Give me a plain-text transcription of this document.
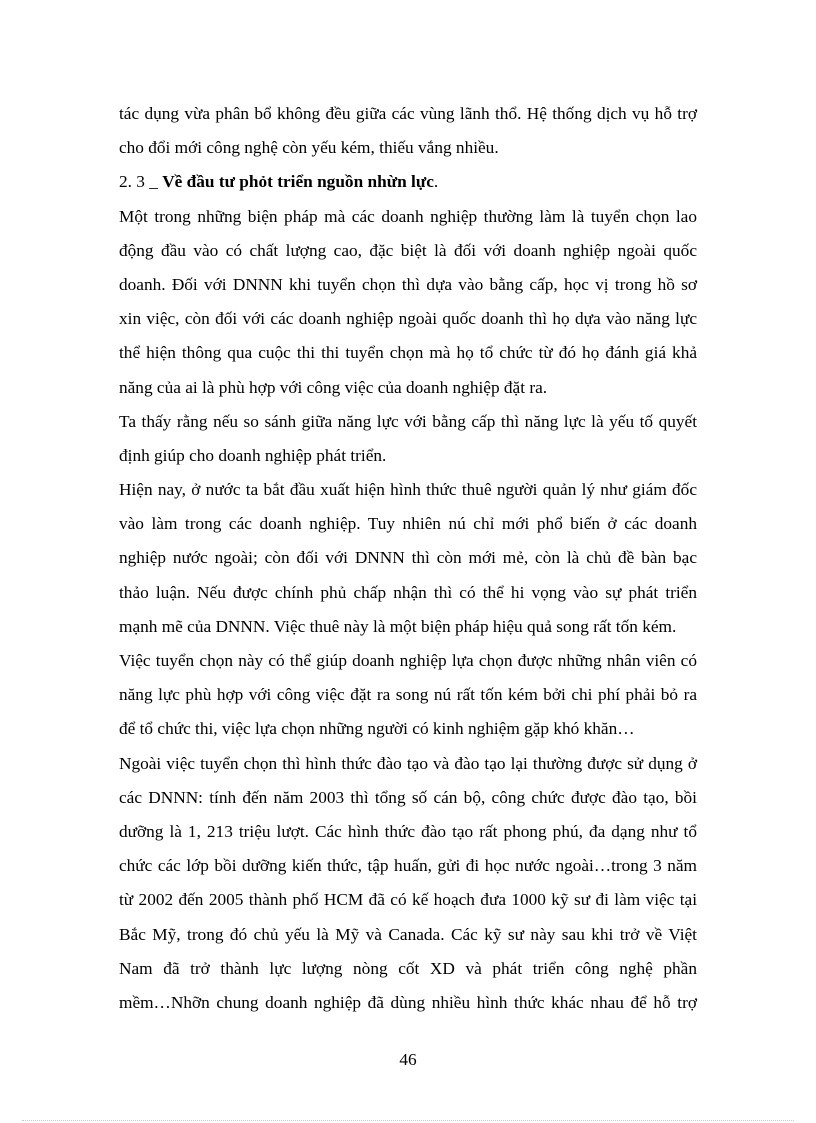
tác dụng vừa phân bổ không đều giữa các vùng lãnh thổ. Hệ thống dịch vụ hỗ trợ
cho đổi mới công nghệ còn yếu kém, thiếu vắng nhiều.
2. 3 _ Về đầu tư phỏt triển nguồn nhừn lực.
Một trong những biện pháp mà các doanh nghiệp thường làm là tuyển chọn lao
động đầu vào có chất lượng cao, đặc biệt là đối với doanh nghiệp ngoài quốc
doanh. Đối với DNNN khi tuyển chọn thì dựa vào bằng cấp, học vị trong hồ sơ
xin việc, còn đối với các doanh nghiệp ngoài quốc doanh thì họ dựa vào năng lực
thể hiện thông qua cuộc thi thi tuyển chọn mà họ tổ chức từ đó họ đánh giá khả
năng của ai là phù hợp với công việc của doanh nghiệp đặt ra.
Ta thấy rằng nếu so sánh giữa năng lực với bằng cấp thì năng lực là yếu tố quyết
định giúp cho doanh nghiệp phát triển.
Hiện nay, ở nước ta bắt đầu xuất hiện hình thức thuê người quản lý như giám đốc
vào làm trong các doanh nghiệp. Tuy nhiên nú chỉ mới phổ biến ở các doanh
nghiệp nước ngoài; còn đối với DNNN thì còn mới mẻ, còn là chủ đề bàn bạc
thảo luận. Nếu được chính phủ chấp nhận thì có thể hi vọng vào sự phát triển
mạnh mẽ của DNNN. Việc thuê này là một biện pháp hiệu quả song rất tốn kém.
Việc tuyển chọn này có thể giúp doanh nghiệp lựa chọn được những nhân viên có
năng lực phù hợp với công việc đặt ra song nú rất tốn kém bởi chi phí phải bỏ ra
để tổ chức thi, việc lựa chọn những người có kinh nghiệm gặp khó khăn…
Ngoài việc tuyển chọn thì hình thức đào tạo và đào tạo lại thường được sử dụng ở
các DNNN: tính đến năm 2003 thì tổng số cán bộ, công chức được đào tạo, bồi
dưỡng là 1, 213 triệu lượt. Các hình thức đào tạo rất phong phú, đa dạng như tổ
chức các lớp bồi dưỡng kiến thức, tập huấn, gửi đi học nước ngoài…trong 3 năm
từ 2002 đến 2005 thành phố HCM đã có kế hoạch đưa 1000 kỹ sư đi làm việc tại
Bắc Mỹ, trong đó chủ yếu là Mỹ và Canada. Các kỹ sư này sau khi trở về Việt
Nam đã trở thành lực lượng nòng cốt XD và phát triển công nghệ phần
mềm…Nhỡn chung doanh nghiệp đã dùng nhiều hình thức khác nhau để hỗ trợ
46
